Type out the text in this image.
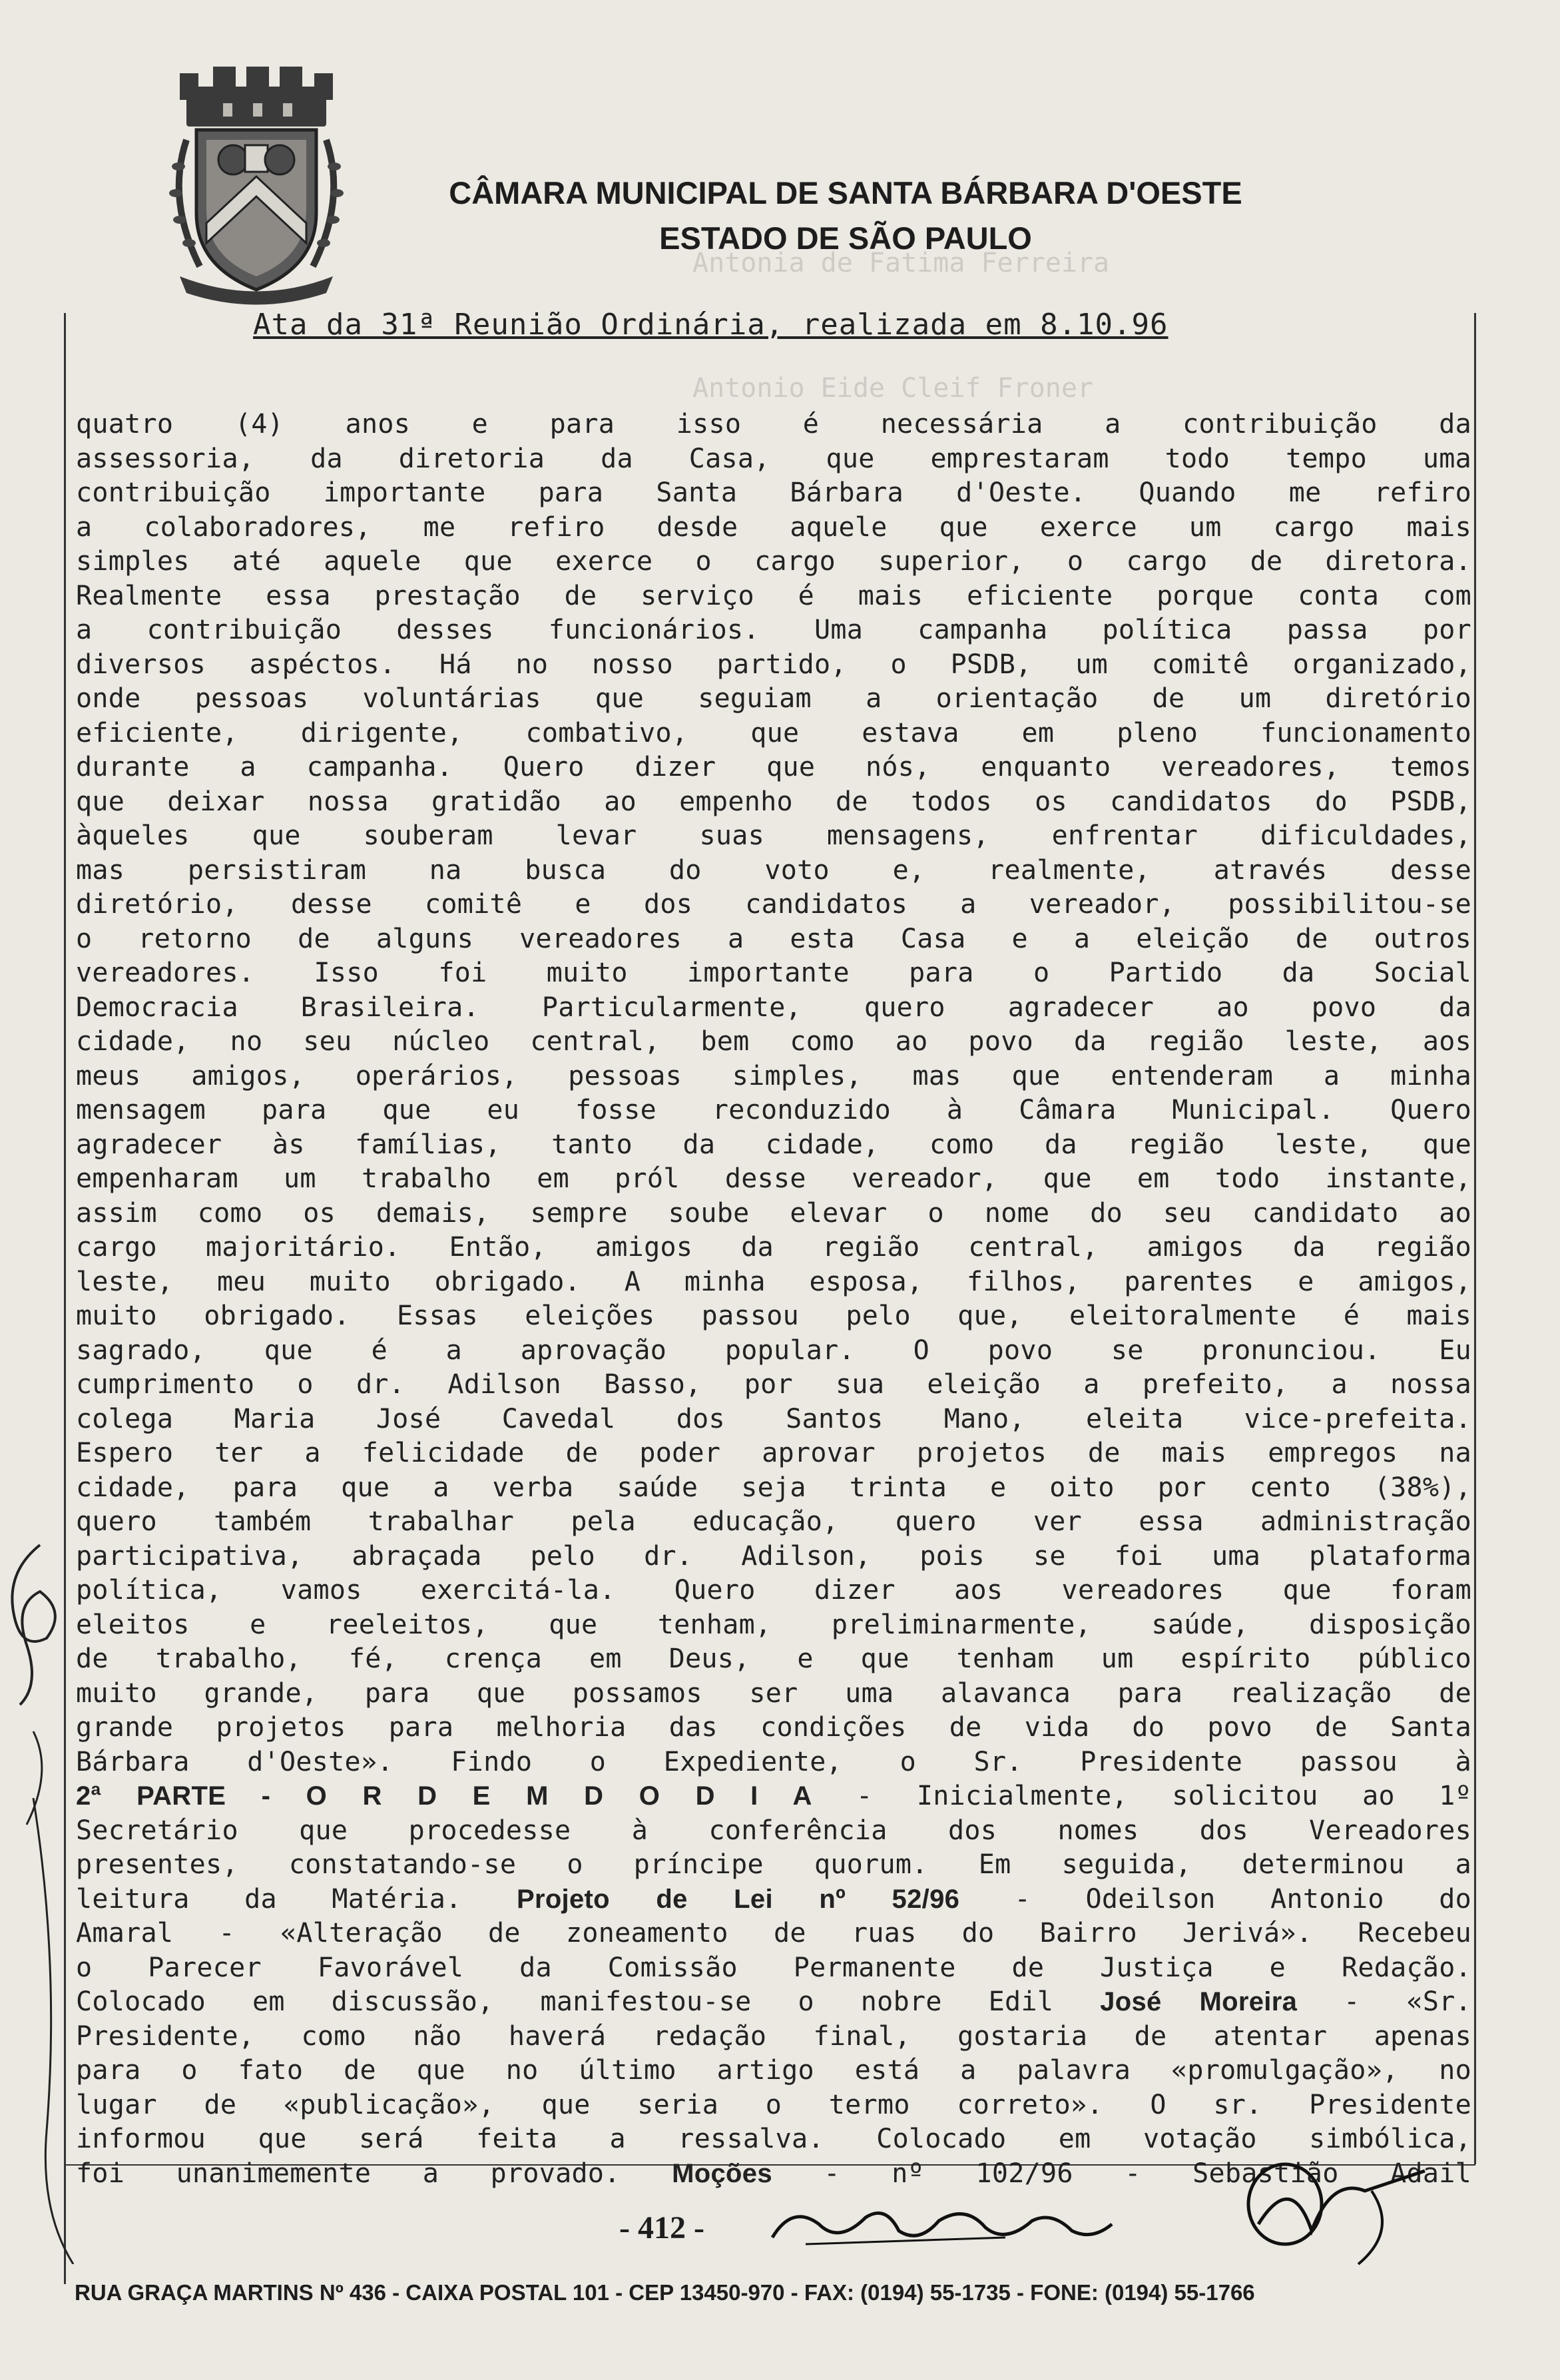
Antonia de Fatima Ferreira
Antonio Eide Cleif Froner
CÂMARA MUNICIPAL DE SANTA BÁRBARA D'OESTE
ESTADO DE SÃO PAULO
Ata da 31ª Reunião Ordinária, realizada em 8.10.96
quatro (4) anos e para isso é necessária a contribuição da
assessoria, da diretoria da Casa, que emprestaram todo tempo uma
contribuição importante para Santa Bárbara d'Oeste. Quando me refiro
a colaboradores, me refiro desde aquele que exerce um cargo mais
simples até aquele que exerce o cargo superior, o cargo de diretora.
Realmente essa prestação de serviço é mais eficiente porque conta com
a contribuição desses funcionários. Uma campanha política passa por
diversos aspéctos. Há no nosso partido, o PSDB, um comitê organizado,
onde pessoas voluntárias que seguiam a orientação de um diretório
eficiente, dirigente, combativo, que estava em pleno funcionamento
durante a campanha. Quero dizer que nós, enquanto vereadores, temos
que deixar nossa gratidão ao empenho de todos os candidatos do PSDB,
àqueles que souberam levar suas mensagens, enfrentar dificuldades,
mas persistiram na busca do voto e, realmente, através desse
diretório, desse comitê e dos candidatos a vereador, possibilitou-se
o retorno de alguns vereadores a esta Casa e a eleição de outros
vereadores. Isso foi muito importante para o Partido da Social
Democracia Brasileira. Particularmente, quero agradecer ao povo da
cidade, no seu núcleo central, bem como ao povo da região leste, aos
meus amigos, operários, pessoas simples, mas que entenderam a minha
mensagem para que eu fosse reconduzido à Câmara Municipal. Quero
agradecer às famílias, tanto da cidade, como da região leste, que
empenharam um trabalho em pról desse vereador, que em todo instante,
assim como os demais, sempre soube elevar o nome do seu candidato ao
cargo majoritário. Então, amigos da região central, amigos da região
leste, meu muito obrigado. A minha esposa, filhos, parentes e amigos,
muito obrigado. Essas eleições passou pelo que, eleitoralmente é mais
sagrado, que é a aprovação popular. O povo se pronunciou. Eu
cumprimento o dr. Adilson Basso, por sua eleição a prefeito, a nossa
colega Maria José Cavedal dos Santos Mano, eleita vice-prefeita.
Espero ter a felicidade de poder aprovar projetos de mais empregos na
cidade, para que a verba saúde seja trinta e oito por cento (38%),
quero também trabalhar pela educação, quero ver essa administração
participativa, abraçada pelo dr. Adilson, pois se foi uma plataforma
política, vamos exercitá-la. Quero dizer aos vereadores que foram
eleitos e reeleitos, que tenham, preliminarmente, saúde, disposição
de trabalho, fé, crença em Deus, e que tenham um espírito público
muito grande, para que possamos ser uma alavanca para realização de
grande projetos para melhoria das condições de vida do povo de Santa
Bárbara d'Oeste». Findo o Expediente, o Sr. Presidente passou à
2ª PARTE - O R D E M D O D I A - Inicialmente, solicitou ao 1º
Secretário que procedesse à conferência dos nomes dos Vereadores
presentes, constatando-se o príncipe quorum. Em seguida, determinou a
leitura da Matéria. Projeto de Lei nº 52/96 - Odeilson Antonio do
Amaral - «Alteração de zoneamento de ruas do Bairro Jerivá». Recebeu
o Parecer Favorável da Comissão Permanente de Justiça e Redação.
Colocado em discussão, manifestou-se o nobre Edil José Moreira - «Sr.
Presidente, como não haverá redação final, gostaria de atentar apenas
para o fato de que no último artigo está a palavra «promulgação», no
lugar de «publicação», que seria o termo correto». O sr. Presidente
informou que será feita a ressalva. Colocado em votação simbólica,
foi unanimemente a provado. Moções - nº 102/96 - Sebastião Adail
- 412 -
RUA GRAÇA MARTINS Nº 436 - CAIXA POSTAL 101 - CEP 13450-970 - FAX: (0194) 55-1735 - FONE: (0194) 55-1766
